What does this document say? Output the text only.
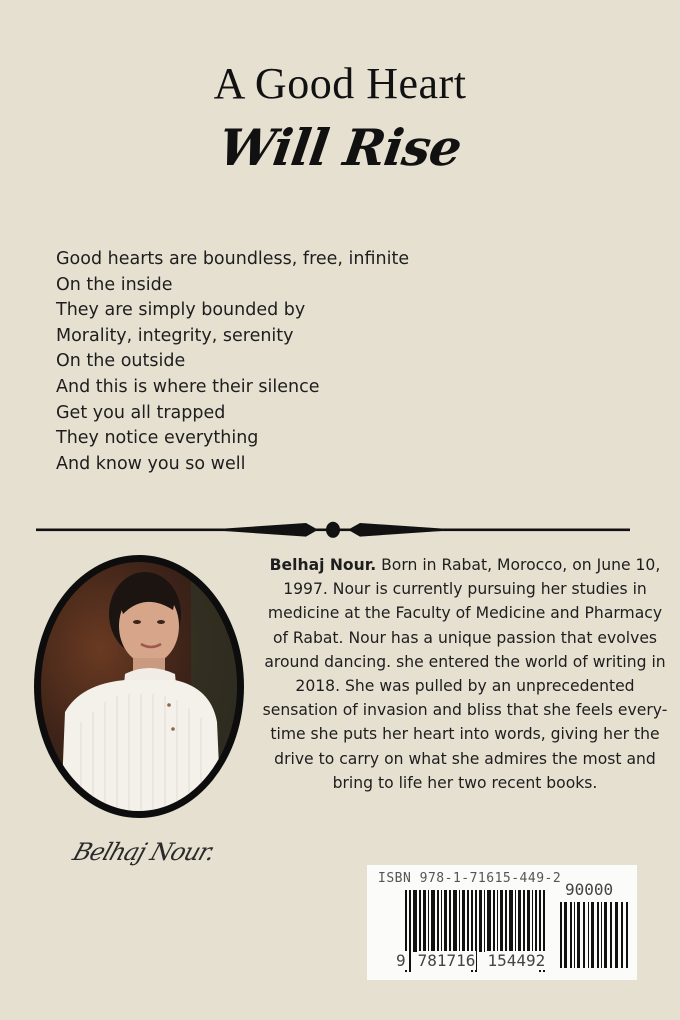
A Good Heart
Will Rise
Good hearts are boundless, free, infinite
On the inside
They are simply bounded by
Morality, integrity, serenity
On the outside
And this is where their silence
Get you all trapped
They notice everything
And know you so well
Belhaj Nour.
Belhaj Nour. Born in Rabat, Morocco, on June 10, 1997. Nour is currently pursuing her studies in medicine at the Faculty of Medicine and Pharmacy of Rabat. Nour has a unique passion that evolves around dancing. she entered the world of writing in 2018. She was pulled by an unprecedented sensation of invasion and bliss that she feels every-time she puts her heart into words, giving her the drive to carry on what she admires the most and bring to life her two recent books.
ISBN 978-1-71615-449-2
90000
9 781716 154492
